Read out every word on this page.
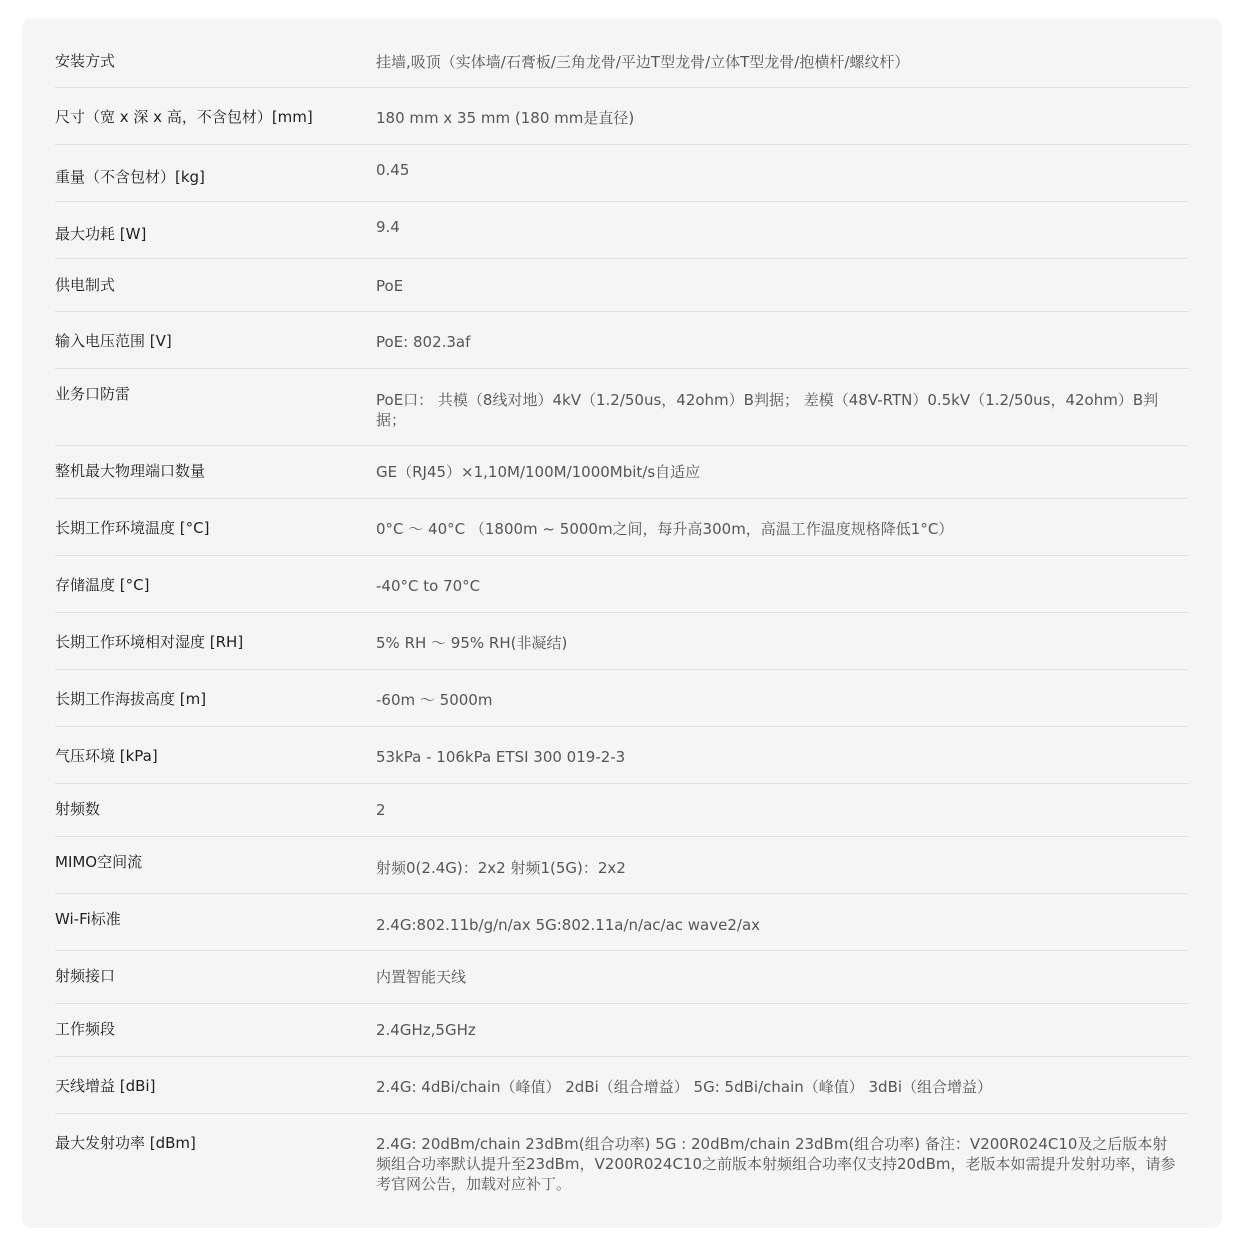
安装方式	挂墙,吸顶（实体墙/石膏板/三角龙骨/平边T型龙骨/立体T型龙骨/抱横杆/螺纹杆）
尺寸（宽 x 深 x 高，不含包材）[mm]	180 mm x 35 mm (180 mm是直径)
重量（不含包材）[kg]	0.45
最大功耗 [W]	9.4
供电制式	PoE
输入电压范围 [V]	PoE: 802.3af
业务口防雷	PoE口： 共模（8线对地）4kV（1.2/50us，42ohm）B判据； 差模（48V-RTN）0.5kV（1.2/50us，42ohm）B判据；
整机最大物理端口数量	GE（RJ45）×1,10M/100M/1000Mbit/s自适应
长期工作环境温度 [°C]	0°C ～ 40°C （1800m ~ 5000m之间，每升高300m，高温工作温度规格降低1°C）
存储温度 [°C]	-40°C to 70°C
长期工作环境相对湿度 [RH]	5% RH ～ 95% RH(非凝结)
长期工作海拔高度 [m]	-60m ～ 5000m
气压环境 [kPa]	53kPa - 106kPa ETSI 300 019-2-3
射频数	2
MIMO空间流	射频0(2.4G)：2x2 射频1(5G)：2x2
Wi-Fi标准	2.4G:802.11b/g/n/ax 5G:802.11a/n/ac/ac wave2/ax
射频接口	内置智能天线
工作频段	2.4GHz,5GHz
天线增益 [dBi]	2.4G: 4dBi/chain（峰值） 2dBi（组合增益） 5G: 5dBi/chain（峰值） 3dBi（组合增益）
最大发射功率 [dBm]	2.4G: 20dBm/chain 23dBm(组合功率) 5G : 20dBm/chain 23dBm(组合功率) 备注：V200R024C10及之后版本射频组合功率默认提升至23dBm，V200R024C10之前版本射频组合功率仅支持20dBm，老版本如需提升发射功率，请参考官网公告，加载对应补丁。
